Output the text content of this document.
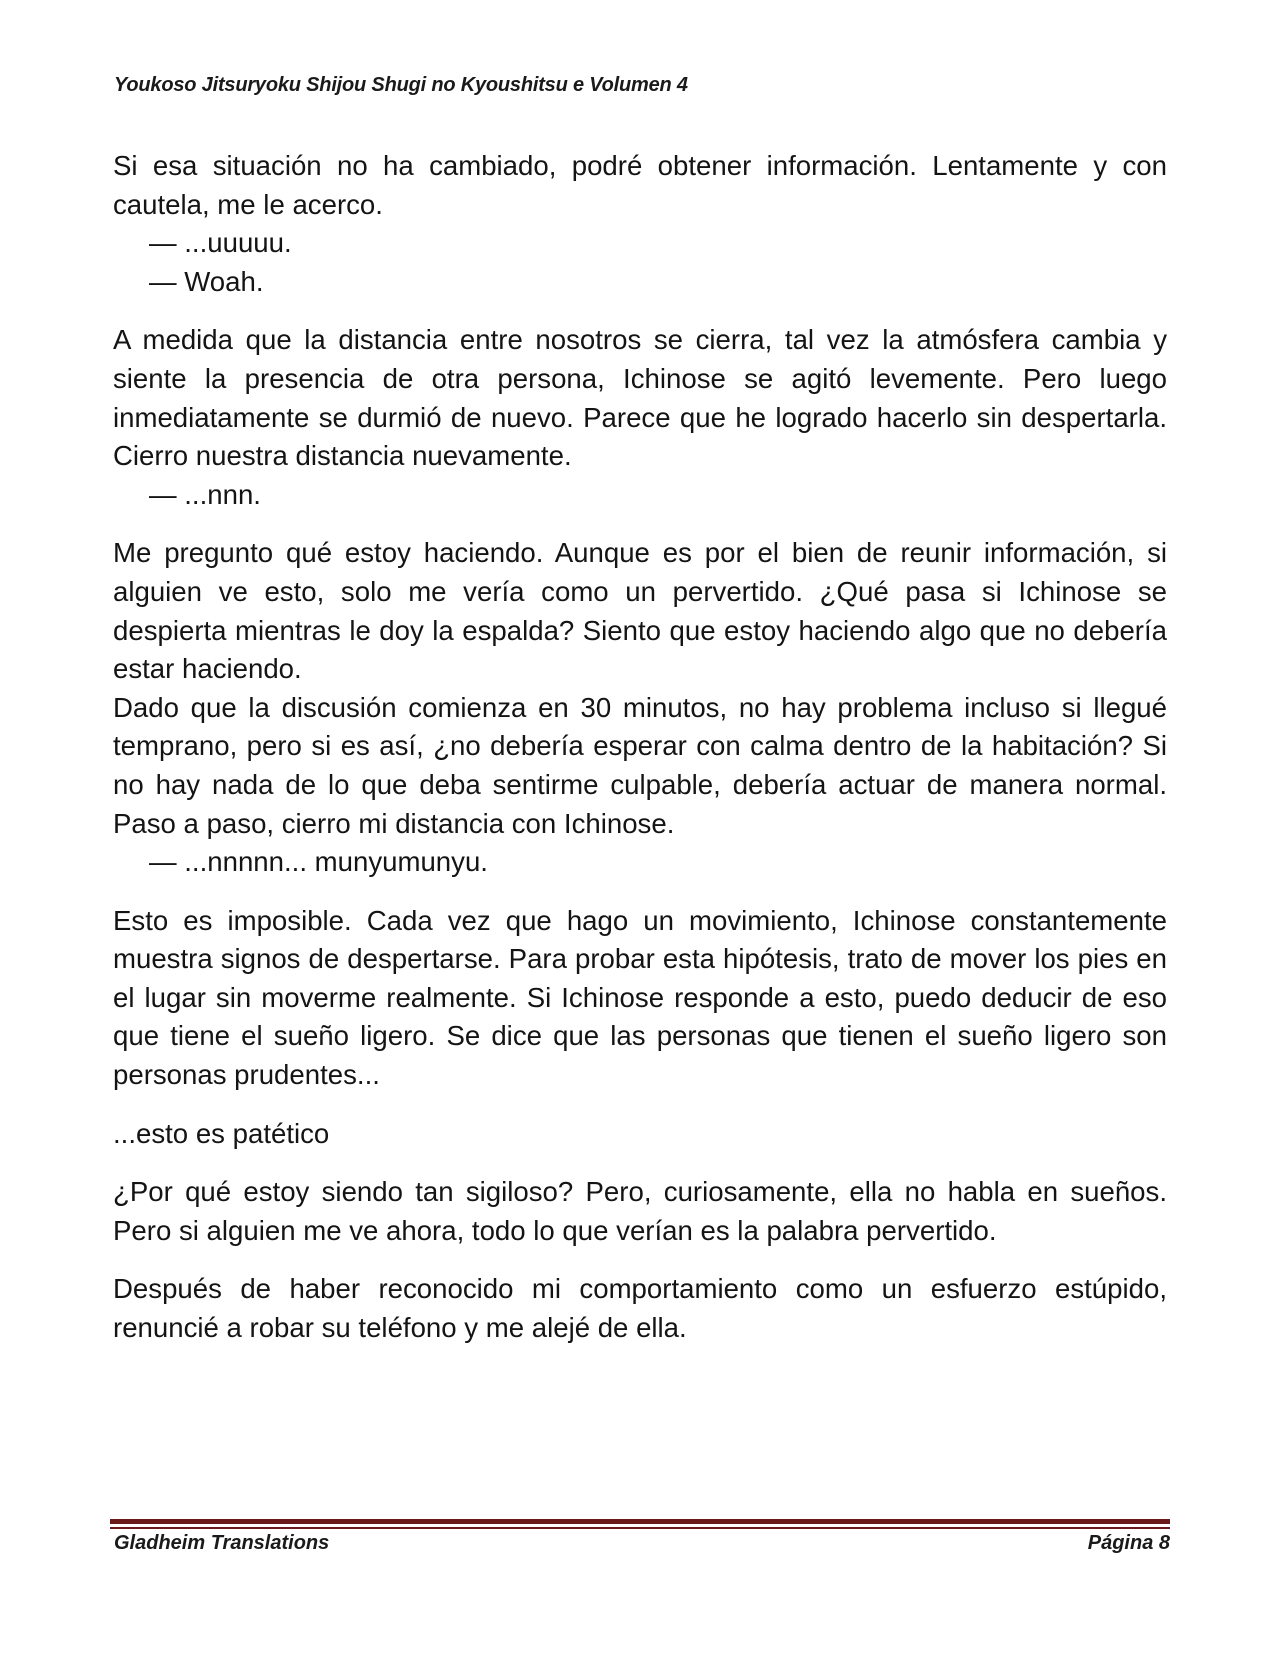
Youkoso Jitsuryoku Shijou Shugi no Kyoushitsu e Volumen 4

Si esa situación no ha cambiado, podré obtener información. Lentamente y con cautela, me le acerco.

— ...uuuuu.

— Woah.

A medida que la distancia entre nosotros se cierra, tal vez la atmósfera cambia y siente la presencia de otra persona, Ichinose se agitó levemente. Pero luego inmediatamente se durmió de nuevo. Parece que he logrado hacerlo sin despertarla. Cierro nuestra distancia nuevamente.

— ...nnn.

Me pregunto qué estoy haciendo. Aunque es por el bien de reunir información, si alguien ve esto, solo me vería como un pervertido. ¿Qué pasa si Ichinose se despierta mientras le doy la espalda? Siento que estoy haciendo algo que no debería estar haciendo.

Dado que la discusión comienza en 30 minutos, no hay problema incluso si llegué temprano, pero si es así, ¿no debería esperar con calma dentro de la habitación? Si no hay nada de lo que deba sentirme culpable, debería actuar de manera normal. Paso a paso, cierro mi distancia con Ichinose.

— ...nnnnn... munyumunyu.

Esto es imposible. Cada vez que hago un movimiento, Ichinose constantemente muestra signos de despertarse. Para probar esta hipótesis, trato de mover los pies en el lugar sin moverme realmente. Si Ichinose responde a esto, puedo deducir de eso que tiene el sueño ligero. Se dice que las personas que tienen el sueño ligero son personas prudentes...

...esto es patético

¿Por qué estoy siendo tan sigiloso? Pero, curiosamente, ella no habla en sueños. Pero si alguien me ve ahora, todo lo que verían es la palabra pervertido.

Después de haber reconocido mi comportamiento como un esfuerzo estúpido, renuncié a robar su teléfono y me alejé de ella.

Gladheim Translations	Página 8
